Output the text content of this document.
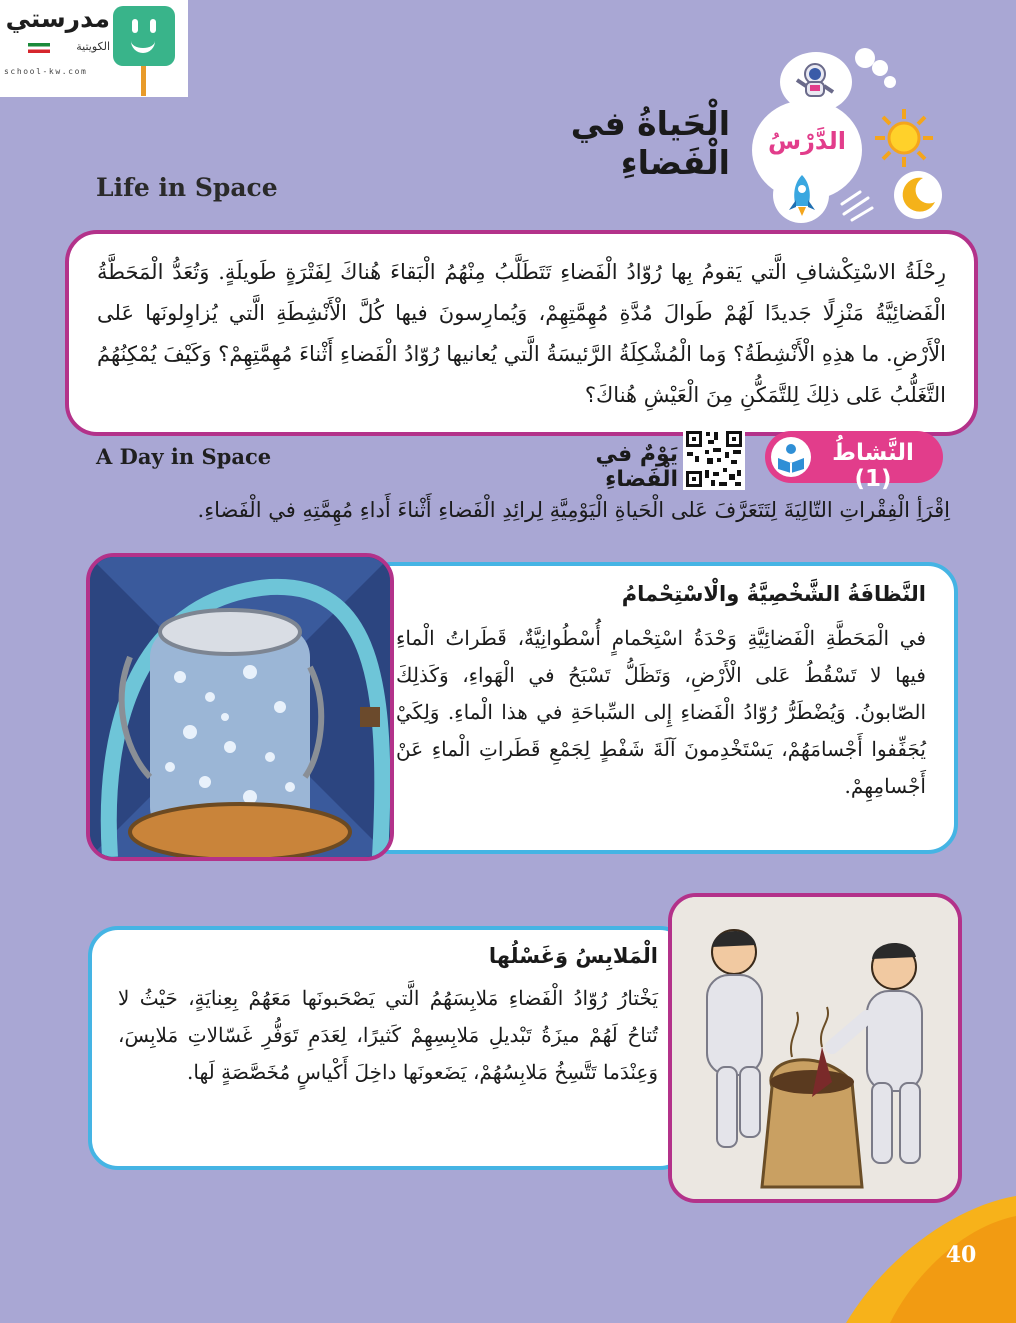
مدرستي
الكويتية
school-kw.com
الدَّرْسُ
الْحَياةُ في الْفَضاءِ
Life in Space

رِحْلَةُ الاسْتِكْشافِ الَّتي يَقومُ بِها رُوّادُ الْفَضاءِ تَتَطَلَّبُ مِنْهُمُ الْبَقاءَ هُناكَ لِفَتْرَةٍ طَويلَةٍ. وَتُعَدُّ الْمَحَطَّةُ الْفَضائِيَّةُ مَنْزِلًا جَديدًا لَهُمْ طَوالَ مُدَّةِ مُهِمَّتِهِمْ، وَيُمارِسونَ فيها كُلَّ الْأَنْشِطَةِ الَّتي يُزاوِلونَها عَلى الْأَرْضِ. ما هذِهِ الْأَنْشِطَةُ؟ وَما الْمُشْكِلَةُ الرَّئيسَةُ الَّتي يُعانيها رُوّادُ الْفَضاءِ أَثْناءَ مُهِمَّتِهِمْ؟ وَكَيْفَ يُمْكِنُهُمُ التَّغَلُّبُ عَلى ذلِكَ لِلتَّمَكُّنِ مِنَ الْعَيْشِ هُناكَ؟

النَّشاطُ (1)
يَوْمٌ في الْفَضاءِ
A Day in Space
اِقْرَأِ الْفِقْراتِ التّالِيَةَ لِتَتَعَرَّفَ عَلى الْحَياةِ الْيَوْمِيَّةِ لِرائِدِ الْفَضاءِ أَثْناءَ أَداءِ مُهِمَّتِهِ في الْفَضاءِ.
النَّظافَةُ الشَّخْصِيَّةُ والْاسْتِحْمامُ

في الْمَحَطَّةِ الْفَضائِيَّةِ وَحْدَةُ اسْتِحْمامٍ أُسْطُوانِيَّةٌ، قَطَراتُ الْماءِ فيها لا تَسْقُطُ عَلى الْأَرْضِ، وَتَظَلُّ تَسْبَحُ في الْهَواءِ، وَكَذلِكَ الصّابونُ. وَيُضْطَرُّ رُوّادُ الْفَضاءِ إِلى السِّباحَةِ في هذا الْماءِ. وَلِكَيْ يُجَفِّفوا أَجْسامَهُمْ، يَسْتَخْدِمونَ آلَةَ شَفْطٍ لِجَمْعِ قَطَراتِ الْماءِ عَنْ أَجْسامِهِمْ.

الْمَلابِسُ وَغَسْلُها

يَخْتارُ رُوّادُ الْفَضاءِ مَلابِسَهُمُ الَّتي يَصْحَبونَها مَعَهُمْ بِعِنايَةٍ، حَيْثُ لا تُتاحُ لَهُمْ ميزَةُ تَبْديلِ مَلابِسِهِمْ كَثيرًا، لِعَدَمِ تَوَفُّرِ غَسّالاتِ مَلابِسَ، وَعِنْدَما تَتَّسِخُ مَلابِسُهُمْ، يَضَعونَها داخِلَ أَكْياسٍ مُخَصَّصَةٍ لَها.

40
